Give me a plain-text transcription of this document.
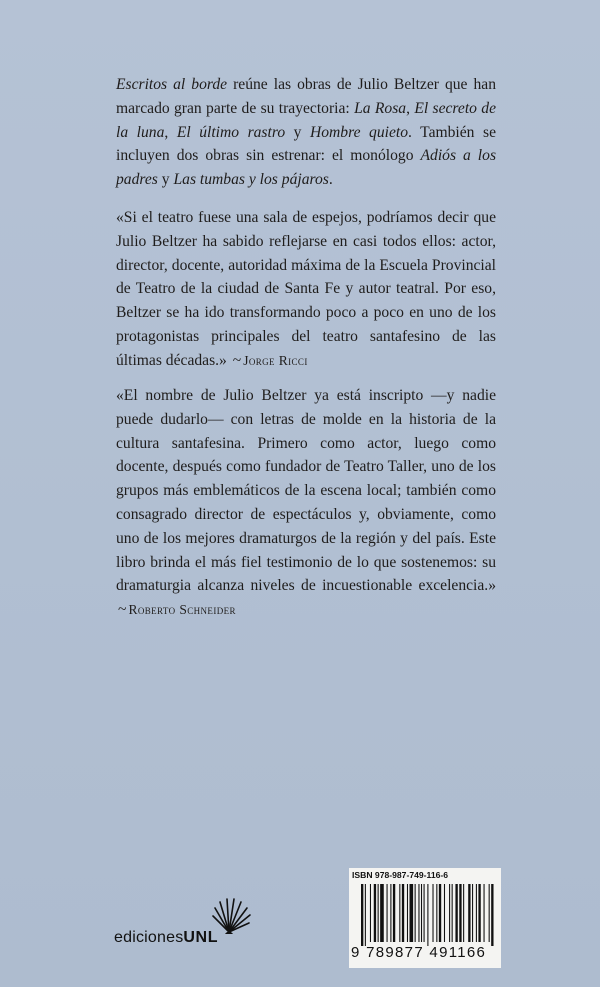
Escritos al borde reúne las obras de Julio Beltzer que han marcado gran parte de su trayectoria: La Rosa, El secreto de la luna, El último rastro y Hombre quieto. También se incluyen dos obras sin estrenar: el monólogo Adiós a los padres y Las tumbas y los pájaros.

«Si el teatro fuese una sala de espejos, podríamos decir que Julio Beltzer ha sabido reflejarse en casi todos ellos: actor, director, docente, autoridad máxima de la Escuela Provincial de Teatro de la ciudad de Santa Fe y autor teatral. Por eso, Beltzer se ha ido transformando poco a poco en uno de los protagonistas principales del teatro santafesino de las últimas décadas.» ~ Jorge Ricci

«El nombre de Julio Beltzer ya está inscripto —y nadie puede dudarlo— con letras de molde en la historia de la cultura santafesina. Primero como actor, luego como docente, después como fundador de Teatro Taller, uno de los grupos más emblemáticos de la escena local; también como consagrado director de espectáculos y, obviamente, como uno de los mejores dramaturgos de la región y del país. Este libro brinda el más fiel testimonio de lo que sostenemos: su dramaturgia alcanza niveles de incuestionable excelencia.» ~ Roberto Schneider

edicionesUNL
ISBN 978-987-749-116-6
9 789877 491166
